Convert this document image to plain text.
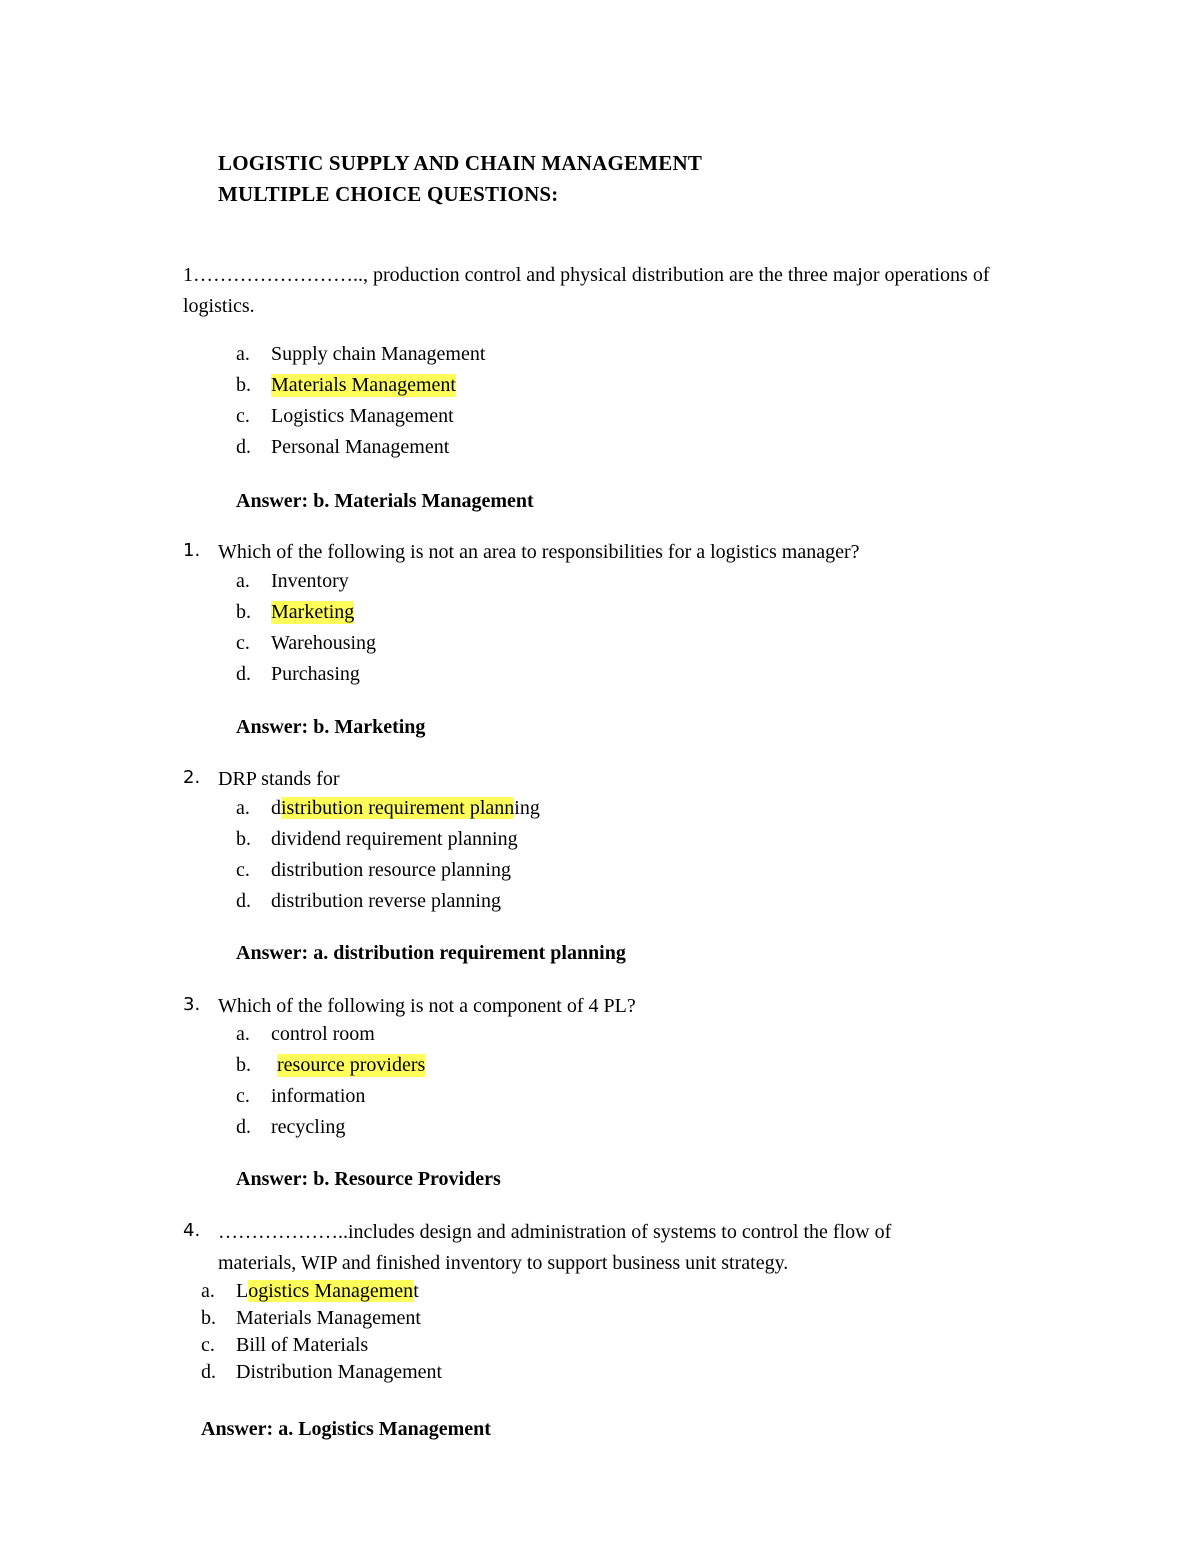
LOGISTIC SUPPLY AND CHAIN MANAGEMENT
MULTIPLE CHOICE QUESTIONS:
1…………………….., production control and physical distribution are the three major operations of logistics.
a. Supply chain Management
b. Materials Management
c. Logistics Management
d. Personal Management
Answer: b. Materials Management
1. Which of the following is not an area to responsibilities for a logistics manager?
a. Inventory
b. Marketing
c. Warehousing
d. Purchasing
Answer: b. Marketing
2. DRP stands for
a. distribution requirement planning
b. dividend requirement planning
c. distribution resource planning
d. distribution reverse planning
Answer: a. distribution requirement planning
3. Which of the following is not a component of 4 PL?
a. control room
b. resource providers
c. information
d. recycling
Answer: b. Resource Providers
4. ………………..includes design and administration of systems to control the flow of
materials, WIP and finished inventory to support business unit strategy.
a. Logistics Management
b. Materials Management
c. Bill of Materials
d. Distribution Management
Answer: a. Logistics Management
